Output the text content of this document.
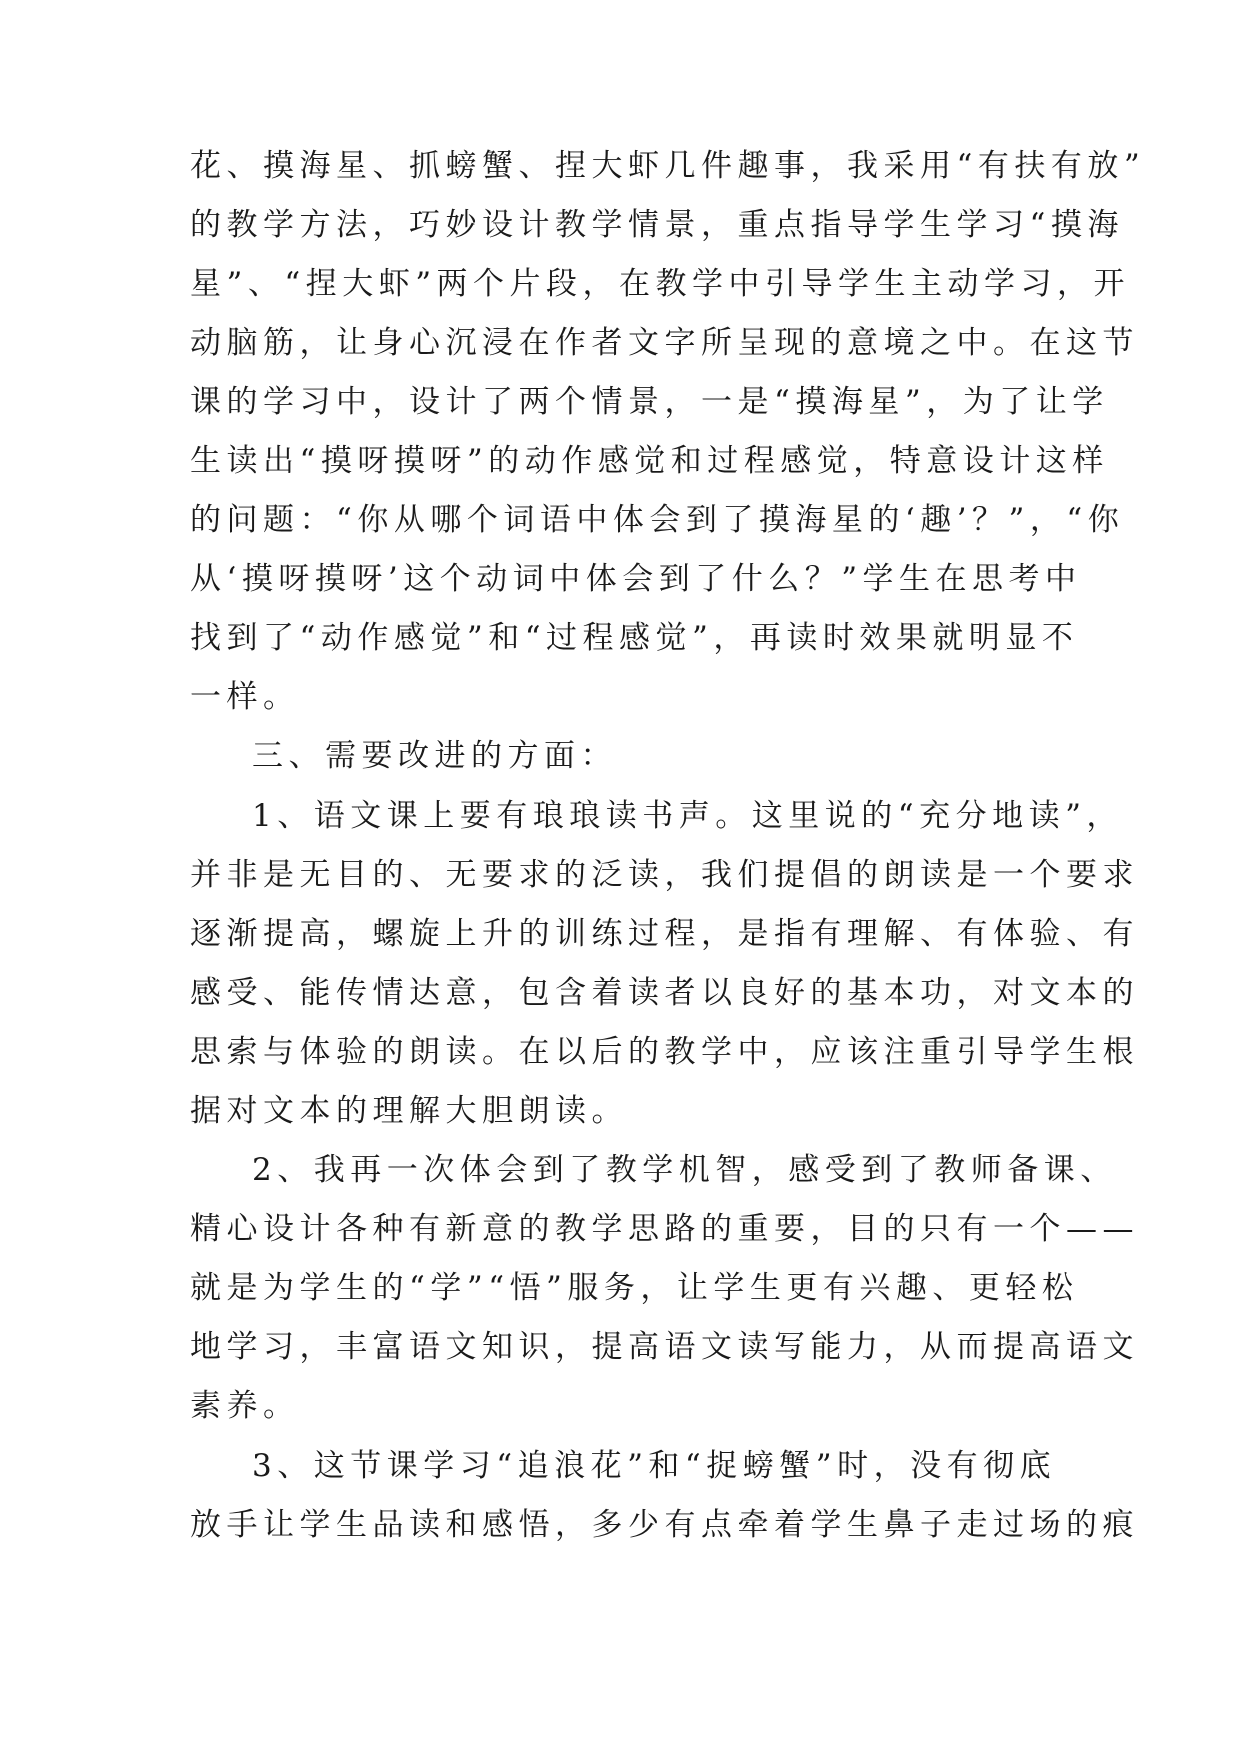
花、摸海星、抓螃蟹、捏大虾几件趣事，我采用“有扶有放”
的教学方法，巧妙设计教学情景，重点指导学生学习“摸海
星”、“捏大虾”两个片段，在教学中引导学生主动学习，开
动脑筋，让身心沉浸在作者文字所呈现的意境之中。在这节
课的学习中，设计了两个情景，一是“摸海星”，为了让学
生读出“摸呀摸呀”的动作感觉和过程感觉，特意设计这样
的问题：“你从哪个词语中体会到了摸海星的‘趣’？”，“你
从‘摸呀摸呀’这个动词中体会到了什么？”学生在思考中
找到了“动作感觉”和“过程感觉”，再读时效果就明显不
一样。
三、需要改进的方面：
1、语文课上要有琅琅读书声。这里说的“充分地读”，
并非是无目的、无要求的泛读，我们提倡的朗读是一个要求
逐渐提高，螺旋上升的训练过程，是指有理解、有体验、有
感受、能传情达意，包含着读者以良好的基本功，对文本的
思索与体验的朗读。在以后的教学中，应该注重引导学生根
据对文本的理解大胆朗读。
2、我再一次体会到了教学机智，感受到了教师备课、
精心设计各种有新意的教学思路的重要，目的只有一个——
就是为学生的“学”“悟”服务，让学生更有兴趣、更轻松
地学习，丰富语文知识，提高语文读写能力，从而提高语文
素养。
3、这节课学习“追浪花”和“捉螃蟹”时，没有彻底
放手让学生品读和感悟，多少有点牵着学生鼻子走过场的痕
